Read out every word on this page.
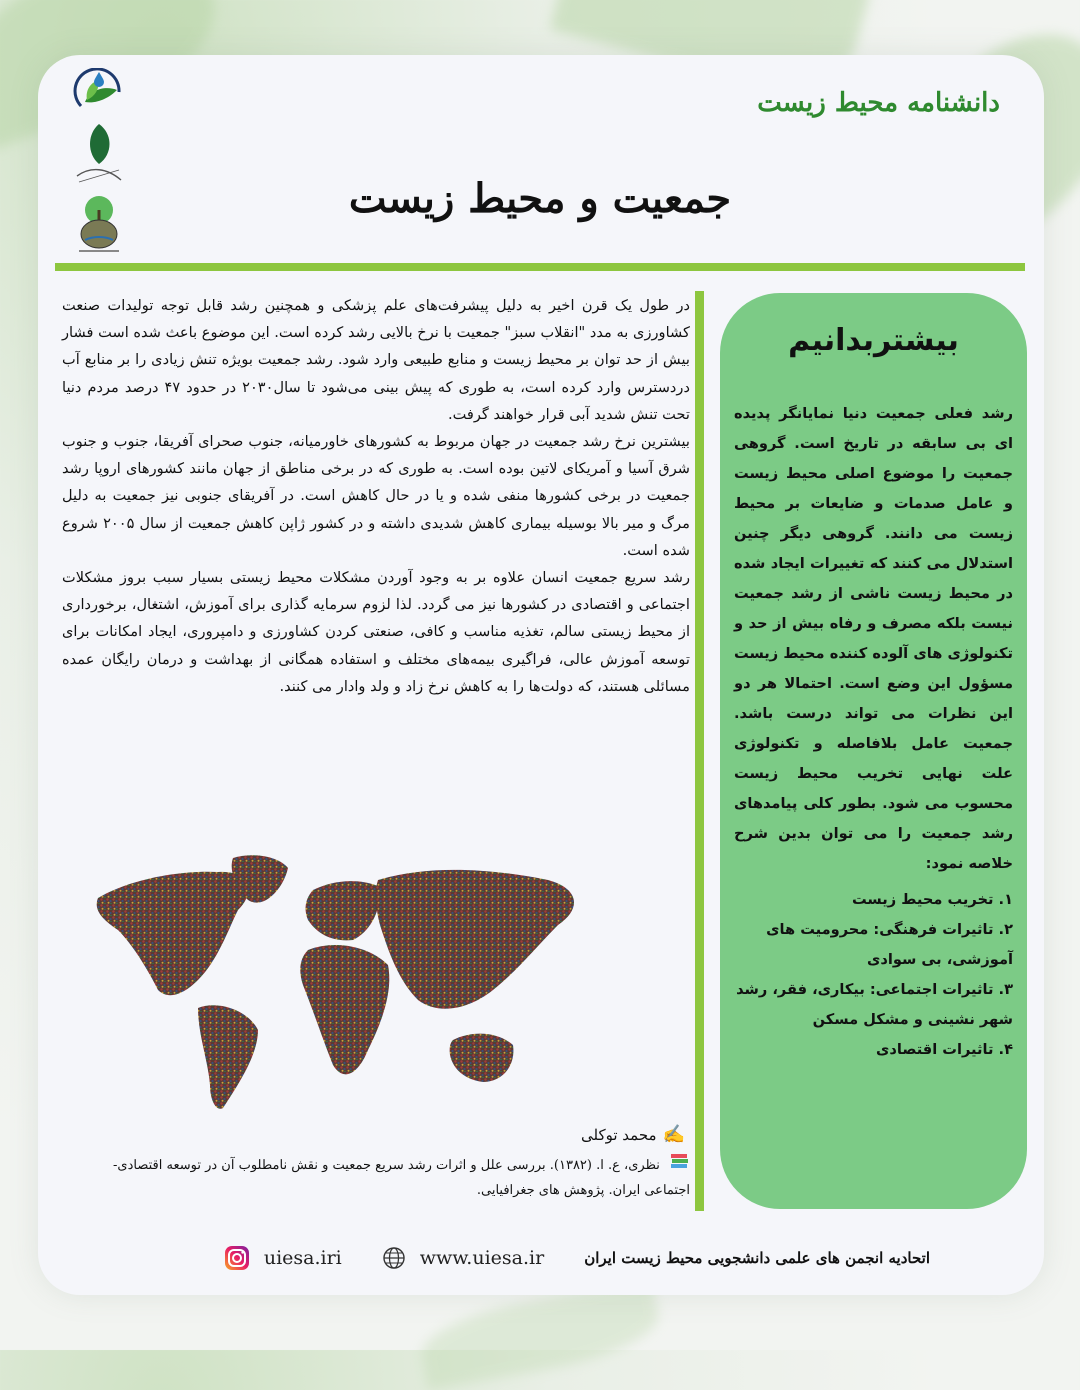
دانشنامه محیط زیست
جمعیت و محیط زیست

در طول یک قرن اخیر به دلیل پیشرفت‌های علم پزشکی و همچنین رشد قابل توجه تولیدات صنعت کشاورزی به مدد "انقلاب سبز" جمعیت با نرخ بالایی رشد کرده است. این موضوع باعث شده است فشار بیش از حد توان بر محیط زیست و منابع طبیعی وارد شود. رشد جمعیت بویژه تنش زیادی را بر منابع آب دردسترس وارد کرده است، به طوری که پیش بینی می‌شود تا سال۲۰۳۰ در حدود ۴۷ درصد مردم دنیا تحت تنش شدید آبی قرار خواهند گرفت.

بیشترین نرخ رشد جمعیت در جهان مربوط به کشورهای خاورمیانه، جنوب صحرای آفریقا، جنوب و جنوب شرق آسیا و آمریکای لاتین بوده است. به طوری که در برخی مناطق از جهان مانند کشورهای اروپا رشد جمعیت در برخی کشورها منفی شده و یا در حال کاهش است. در آفریقای جنوبی نیز جمعیت به دلیل مرگ و میر بالا بوسیله بیماری کاهش شدیدی داشته و در کشور ژاپن کاهش جمعیت از سال ۲۰۰۵ شروع شده است.

رشد سریع جمعیت انسان علاوه بر به وجود آوردن مشکلات محیط زیستی بسیار سبب بروز مشکلات اجتماعی و اقتصادی در کشورها نیز می گردد. لذا لزوم سرمایه گذاری برای آموزش، اشتغال، برخورداری از محیط زیستی سالم، تغذیه مناسب و کافی، صنعتی کردن کشاورزی و دامپروری، ایجاد امکانات برای توسعه آموزش عالی، فراگیری بیمه‌های مختلف و استفاده همگانی از بهداشت و درمان رایگان عمده مسائلی هستند، که دولت‌ها را به کاهش نرخ زاد و ولد وادار می کنند.

✍
محمد توکلی
نظری، ع. ا. (۱۳۸۲). بررسی علل و اثرات رشد سریع جمعیت و نقش نامطلوب آن در توسعه اقتصادی-اجتماعی ایران. پژوهش های جغرافیایی.
بیشتربدانیم

رشد فعلی جمعیت دنیا نمایانگر پدیده ای بی سابقه در تاریخ است. گروهی جمعیت را موضوع اصلی محیط زیست و عامل صدمات و ضایعات بر محیط زیست می دانند. گروهی دیگر چنین استدلال می کنند که تغییرات ایجاد شده در محیط زیست ناشی از رشد جمعیت نیست بلکه مصرف و رفاه بیش از حد و تکنولوژی های آلوده کننده محیط زیست مسؤول این وضع است. احتمالا هر دو این نظرات می تواند درست باشد. جمعیت عامل بلافاصله و تکنولوژی علت نهایی تخریب محیط زیست محسوب می شود. بطور کلی پیامدهای رشد جمعیت را می توان بدین شرح خلاصه نمود:

۱. تخریب محیط زیست
۲. تاثیرات فرهنگی: محرومیت های آموزشی، بی سوادی
۳. تاثیرات اجتماعی: بیکاری، فقر، رشد شهر نشینی و مشکل مسکن
۴. تاثیرات اقتصادی
اتحادیه انجمن های علمی دانشجویی محیط زیست ایران
www.uiesa.ir
uiesa.iri
